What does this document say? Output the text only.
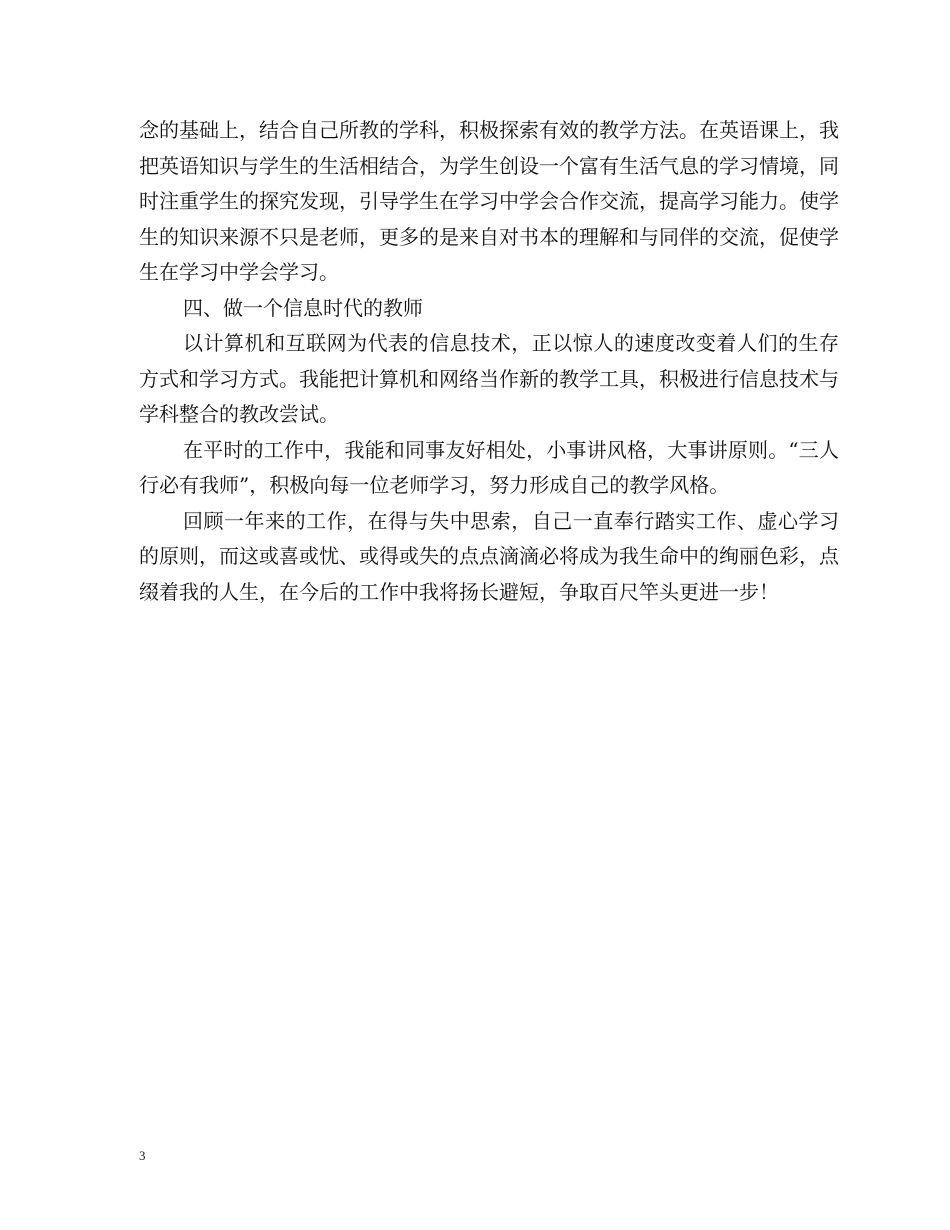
念的基础上，结合自己所教的学科，积极探索有效的教学方法。在英语课上，我把英语知识与学生的生活相结合，为学生创设一个富有生活气息的学习情境，同时注重学生的探究发现，引导学生在学习中学会合作交流，提高学习能力。使学生的知识来源不只是老师，更多的是来自对书本的理解和与同伴的交流，促使学生在学习中学会学习。

四、做一个信息时代的教师

以计算机和互联网为代表的信息技术，正以惊人的速度改变着人们的生存方式和学习方式。我能把计算机和网络当作新的教学工具，积极进行信息技术与学科整合的教改尝试。

在平时的工作中，我能和同事友好相处，小事讲风格，大事讲原则。“三人行必有我师”，积极向每一位老师学习，努力形成自己的教学风格。

回顾一年来的工作，在得与失中思索，自己一直奉行踏实工作、虚心学习的原则，而这或喜或忧、或得或失的点点滴滴必将成为我生命中的绚丽色彩，点缀着我的人生，在今后的工作中我将扬长避短，争取百尺竿头更进一步！

3
